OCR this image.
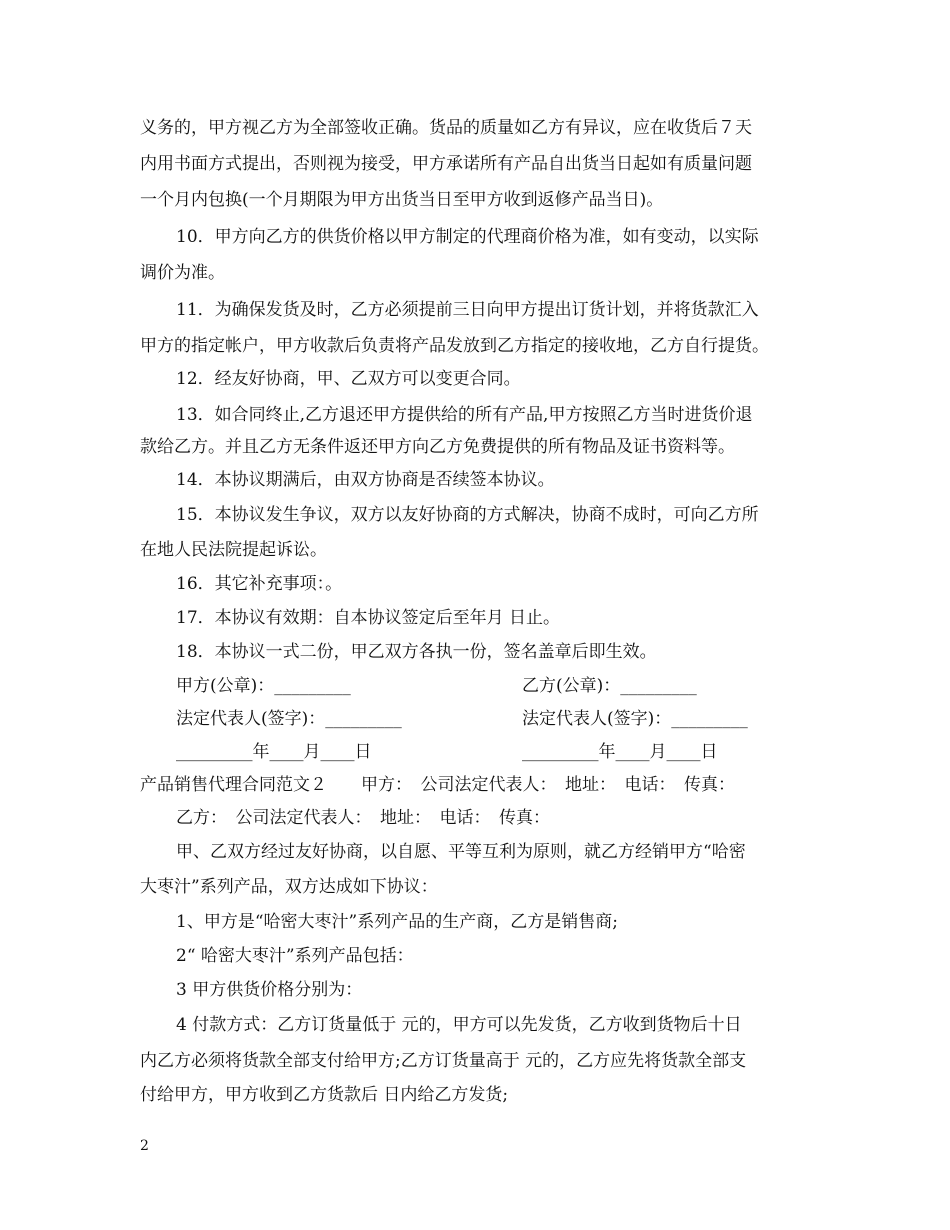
义务的，甲方视乙方为全部签收正确。货品的质量如乙方有异议，应在收货后７天
内用书面方式提出，否则视为接受，甲方承诺所有产品自出货当日起如有质量问题
一个月内包换(一个月期限为甲方出货当日至甲方收到返修产品当日)。
10．甲方向乙方的供货价格以甲方制定的代理商价格为准，如有变动，以实际
调价为准。
11．为确保发货及时，乙方必须提前三日向甲方提出订货计划，并将货款汇入
甲方的指定帐户，甲方收款后负责将产品发放到乙方指定的接收地，乙方自行提货。
12．经友好协商，甲、乙双方可以变更合同。
13．如合同终止,乙方退还甲方提供给的所有产品,甲方按照乙方当时进货价退
款给乙方。并且乙方无条件返还甲方向乙方免费提供的所有物品及证书资料等。
14．本协议期满后，由双方协商是否续签本协议。
15．本协议发生争议，双方以友好协商的方式解决，协商不成时，可向乙方所
在地人民法院提起诉讼。
16．其它补充事项：。
17．本协议有效期：自本协议签定后至年月 日止。
18．本协议一式二份，甲乙双方各执一份，签名盖章后即生效。
甲方(公章)：_________	乙方(公章)：_________
法定代表人(签字)：_________	法定代表人(签字)：_________
_________年____月____日	_________年____月____日
产品销售代理合同范文２　　甲方：　公司法定代表人：　地址：　电话：　传真：
乙方：　公司法定代表人：　地址：　电话：　传真：
甲、乙双方经过友好协商，以自愿、平等互利为原则，就乙方经销甲方“哈密
大枣汁”系列产品，双方达成如下协议：
1、甲方是“哈密大枣汁”系列产品的生产商，乙方是销售商;
2“ 哈密大枣汁”系列产品包括：
3 甲方供货价格分别为：
4 付款方式：乙方订货量低于 元的，甲方可以先发货，乙方收到货物后十日
内乙方必须将货款全部支付给甲方;乙方订货量高于 元的，乙方应先将货款全部支
付给甲方，甲方收到乙方货款后 日内给乙方发货;
2
